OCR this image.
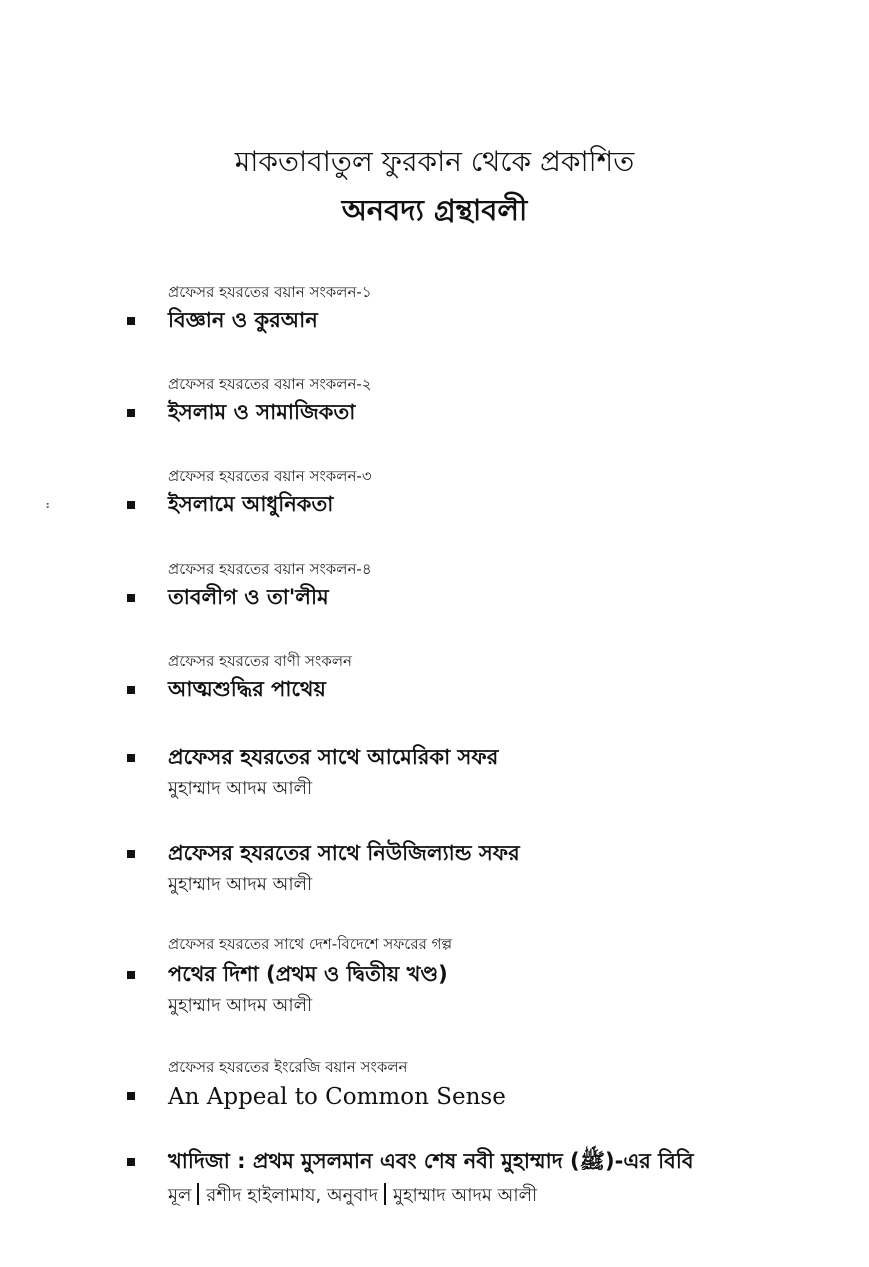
মাকতাবাতুল ফুরকান থেকে প্রকাশিত
অনবদ্য গ্রন্থাবলী
፡
প্রফেসর হযরতের বয়ান সংকলন-১
বিজ্ঞান ও কুরআন
প্রফেসর হযরতের বয়ান সংকলন-২
ইসলাম ও সামাজিকতা
প্রফেসর হযরতের বয়ান সংকলন-৩
ইসলামে আধুনিকতা
প্রফেসর হযরতের বয়ান সংকলন-৪
তাবলীগ ও তা'লীম
প্রফেসর হযরতের বাণী সংকলন
আত্মশুদ্ধির পাথেয়
প্রফেসর হযরতের সাথে আমেরিকা সফর
মুহাম্মাদ আদম আলী
প্রফেসর হযরতের সাথে নিউজিল্যান্ড সফর
মুহাম্মাদ আদম আলী
প্রফেসর হযরতের সাথে দেশ-বিদেশে সফরের গল্প
পথের দিশা (প্রথম ও দ্বিতীয় খণ্ড)
মুহাম্মাদ আদম আলী
প্রফেসর হযরতের ইংরেজি বয়ান সংকলন
An Appeal to Common Sense
খাদিজা : প্রথম মুসলমান এবং শেষ নবী মুহাম্মাদ (ﷺ)-এর বিবি
মূল রশীদ হাইলামায, অনুবাদ মুহাম্মাদ আদম আলী
